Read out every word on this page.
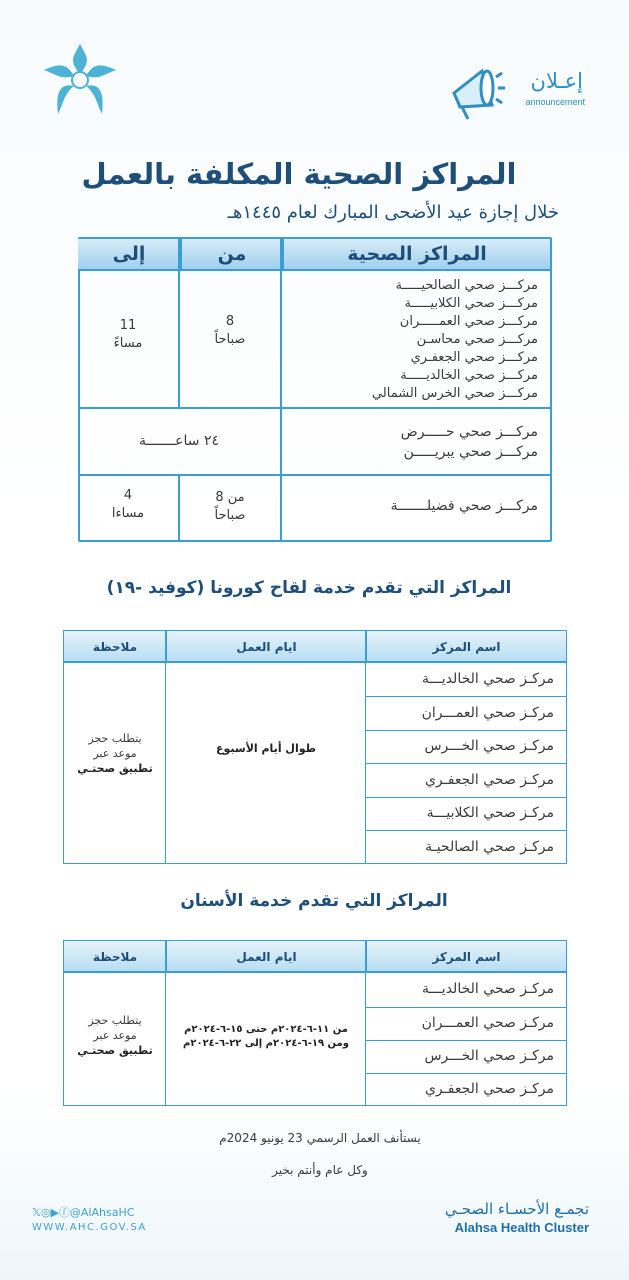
إعـلان
announcement
المراكز الصحية المكلفة بالعمل
خلال إجازة عيد الأضحى المبارك لعام ١٤٤٥هـ
المراكز الصحية
من
إلى
مركـــز صحي الصالحيـــــة
مركـــز صحي الكلابيـــــة
مركـــز صحي العمـــــران
مركـــز صحي محاسـن
مركـــز صحي الجعفـري
مركـــز صحي الخالديـــــة
مركـــز صحي الخرس الشمالي
8
صباحاً
11
مساءً
مركـــز صحي حـــــرض
مركـــز صحي يبريـــــن
٢٤ ساعـــــــة
مركـــز صحي فضيلـــــــة
من 8
صباحاً
4
مساءا
المراكز التي تقدم خدمة لقاح كورونا (كوفيد -١٩)
اسم المركز
ايام العمل
ملاحظة
مركـز صحي الخالديـــة
مركـز صحي العمـــران
مركـز صحي الخـــرس
مركـز صحي الجعفـري
مركـز صحي الكلابيـــة
مركـز صحي الصالحيـة
طوال أيام الأسبوع
يتطلب حجز
موعد عبر
تطبيق صحتـي
المراكز التي تقدم خدمة الأسنان
اسم المركز
ايام العمل
ملاحظة
مركـز صحي الخالديـــة
مركـز صحي العمـــران
مركـز صحي الخـــرس
مركـز صحي الجعفـري
من ١١-٦-٢٠٢٤م حتى ١٥-٦-٢٠٢٤م
ومن ١٩-٦-٢٠٢٤م إلى ٢٢-٦-٢٠٢٤م
يتطلب حجز
موعد عبر
تطبيق صحتـي

يستأنف العمل الرسمي 23 يونيو 2024م
وكل عام وأنتم بخير
𝕏◎▶ⓕ@AlAhsaHC
WWW.AHC.GOV.SA
تجمـع الأحسـاء الصحـي
Alahsa Health Cluster
